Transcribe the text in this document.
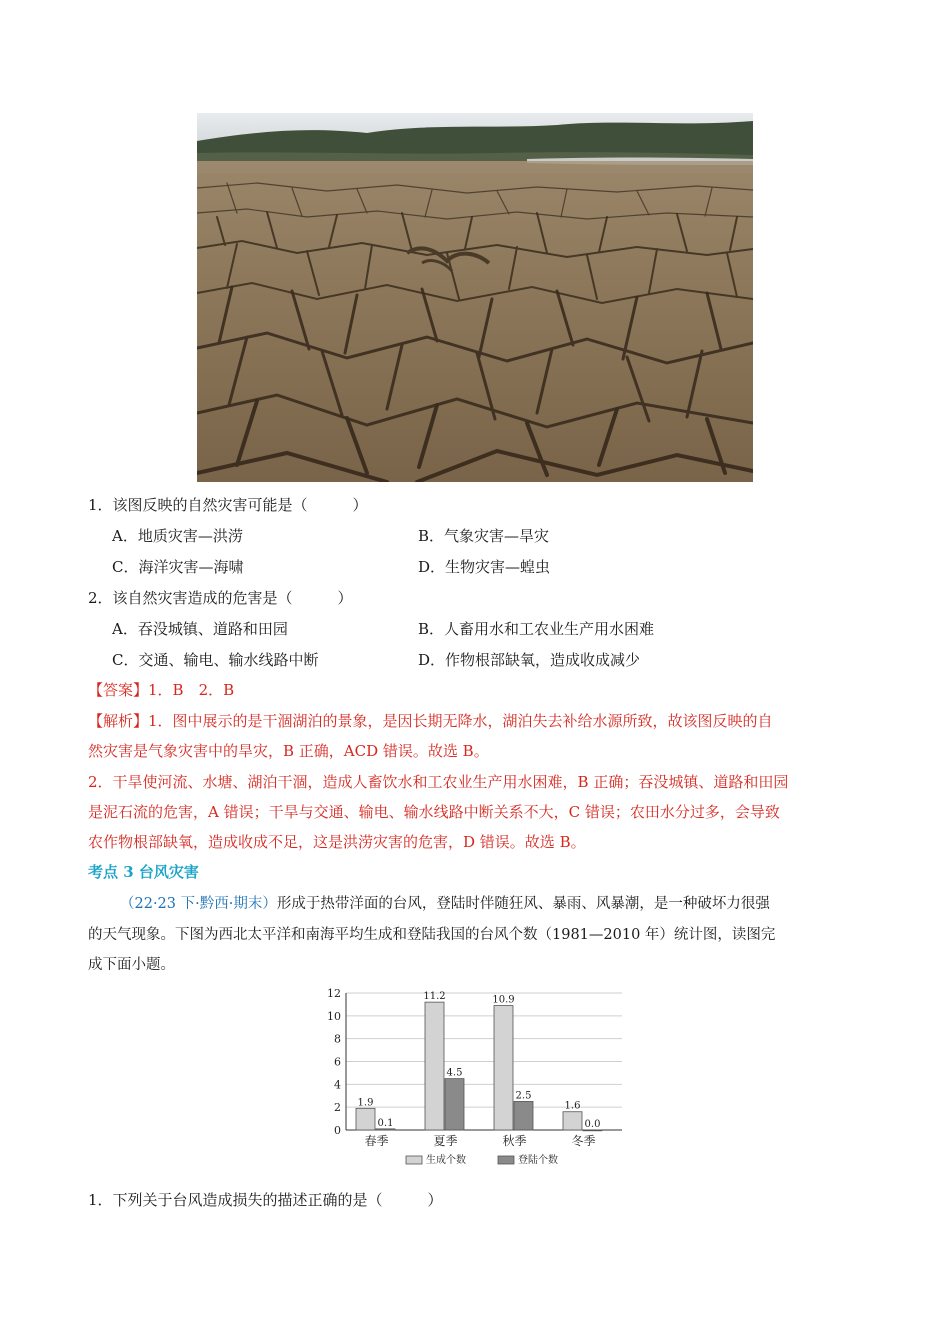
1．该图反映的自然灾害可能是（　　　）
A．地质灾害—洪涝	B．气象灾害—旱灾
C．海洋灾害—海啸	D．生物灾害—蝗虫
2．该自然灾害造成的危害是（　　　）
A．吞没城镇、道路和田园	B．人畜用水和工农业生产用水困难
C．交通、输电、输水线路中断	D．作物根部缺氧，造成收成减少
【答案】1．B　2．B
【解析】1．图中展示的是干涸湖泊的景象，是因长期无降水，湖泊失去补给水源所致，故该图反映的自
然灾害是气象灾害中的旱灾，B 正确，ACD 错误。故选 B。
2．干旱使河流、水塘、湖泊干涸，造成人畜饮水和工农业生产用水困难，B 正确；吞没城镇、道路和田园
是泥石流的危害，A 错误；干旱与交通、输电、输水线路中断关系不大，C 错误；农田水分过多，会导致
农作物根部缺氧，造成收成不足，这是洪涝灾害的危害，D 错误。故选 B。
考点 3 台风灾害
（22·23 下·黔西·期末）形成于热带洋面的台风，登陆时伴随狂风、暴雨、风暴潮，是一种破坏力很强
的天气现象。下图为西北太平洋和南海平均生成和登陆我国的台风个数（1981—2010 年）统计图，读图完
成下面小题。
0
2
4
6
8
10
12
1.9
0.1
春季
11.2
4.5
夏季
10.9
2.5
秋季
1.6
0.0
冬季
生成个数	登陆个数
1．下列关于台风造成损失的描述正确的是（　　　）
